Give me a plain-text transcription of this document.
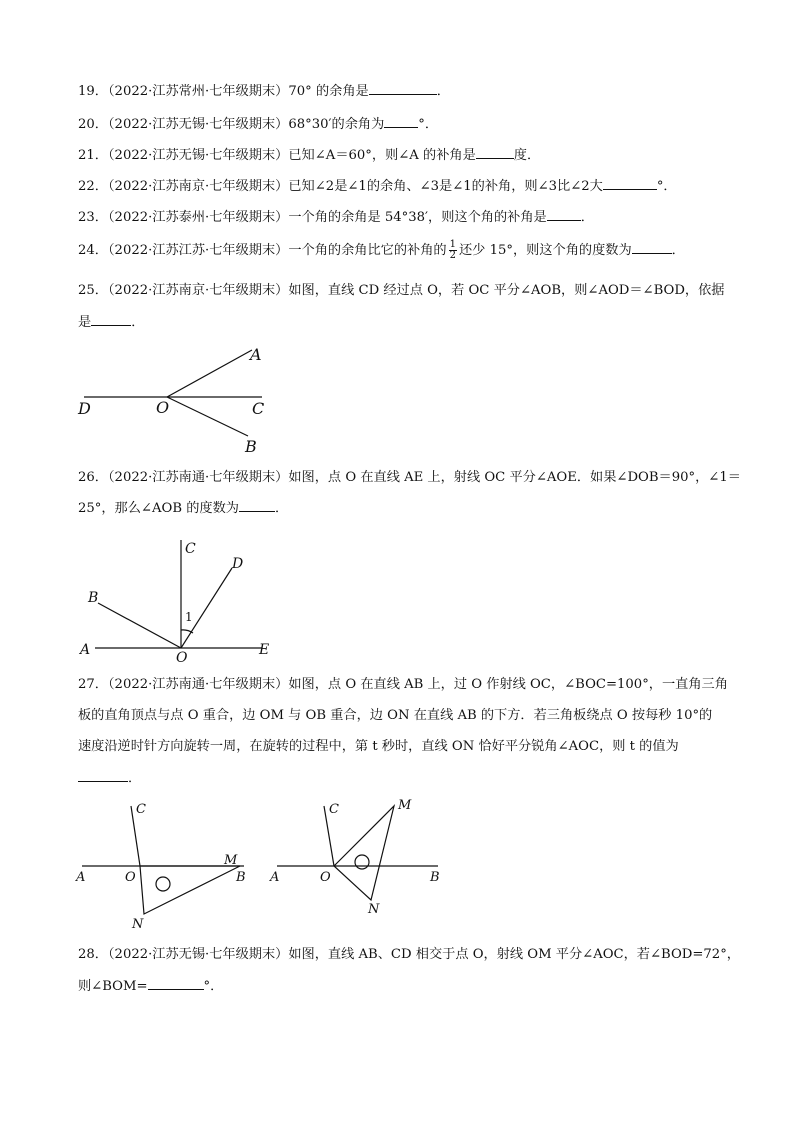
19．（2022·江苏常州·七年级期末）70° 的余角是	．
20．（2022·江苏无锡·七年级期末）68°30′的余角为	°．
21．（2022·江苏无锡·七年级期末）已知∠A＝60°，则∠A 的补角是	度．
22．（2022·江苏南京·七年级期末）已知∠2是∠1的余角、∠3是∠1的补角，则∠3比∠2大	°．
23．（2022·江苏泰州·七年级期末）一个角的余角是 54°38′，则这个角的补角是	．
24．（2022·江苏江苏·七年级期末）一个角的余角比它的补角的 $\frac{1}{2}$ 还少 15°，则这个角的度数为	．
25．（2022·江苏南京·七年级期末）如图，直线 CD 经过点 O，若 OC 平分∠AOB，则∠AOD＝∠BOD，依据
是	．
A
B
C
D	O
26．（2022·江苏南通·七年级期末）如图，点 O 在直线 AE 上，射线 OC 平分∠AOE．如果∠DOB＝90°，∠1＝
25°，那么∠AOB 的度数为	．
C
D
B
A	E
O
1
27．（2022·江苏南通·七年级期末）如图，点 O 在直线 AB 上，过 O 作射线 OC，∠BOC=100°，一直角三角
板的直角顶点与点 O 重合，边 OM 与 OB 重合，边 ON 在直线 AB 的下方．若三角板绕点 O 按每秒 10°的
速度沿逆时针方向旋转一周，在旋转的过程中，第 t 秒时，直线 ON 恰好平分锐角∠AOC，则 t 的值为
．
C
A	O
M
B
N
C	M
A	O	B
N
28．（2022·江苏无锡·七年级期末）如图，直线 AB、CD 相交于点 O，射线 OM 平分∠AOC，若∠BOD=72°，
则∠BOM=	°．
